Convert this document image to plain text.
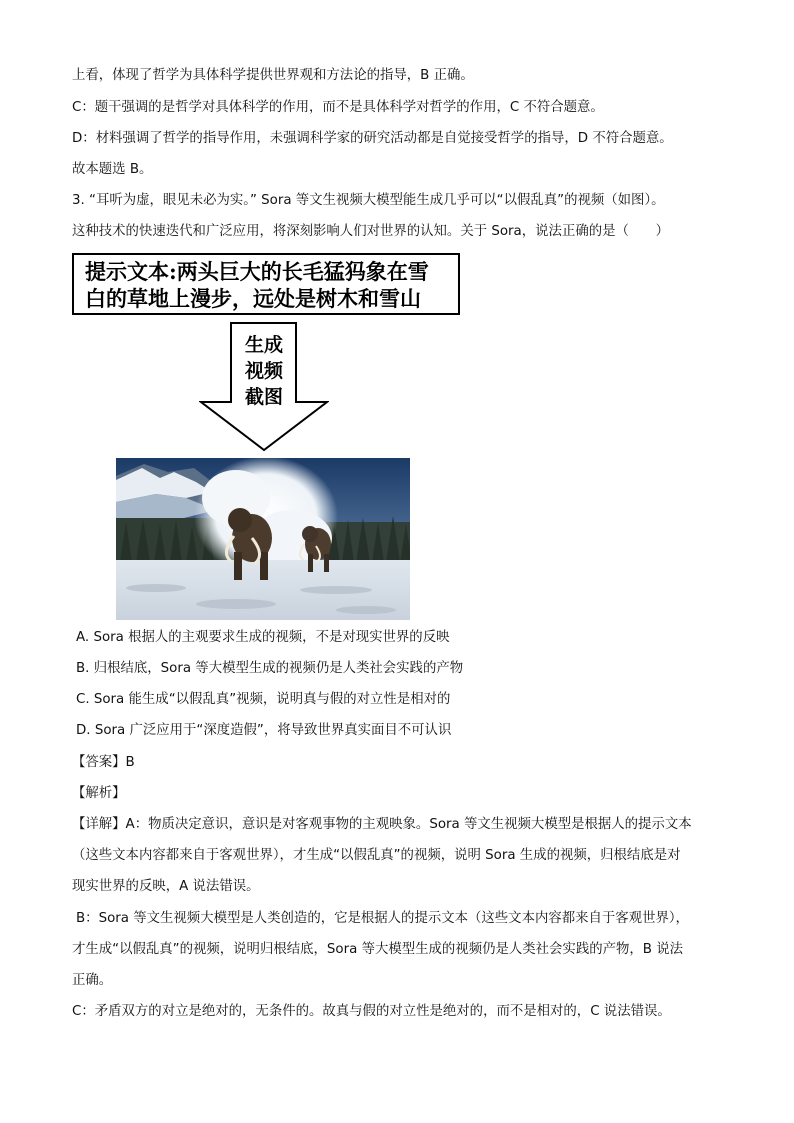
上看，体现了哲学为具体科学提供世界观和方法论的指导，B 正确。
C：题干强调的是哲学对具体科学的作用，而不是具体科学对哲学的作用，C 不符合题意。
D：材料强调了哲学的指导作用，未强调科学家的研究活动都是自觉接受哲学的指导，D 不符合题意。
故本题选 B。
3. “耳听为虚，眼见未必为实。” Sora 等文生视频大模型能生成几乎可以“以假乱真”的视频（如图）。
这种技术的快速迭代和广泛应用，将深刻影响人们对世界的认知。关于 Sora，说法正确的是（　　）
提示文本:两头巨大的长毛猛犸象在雪
白的草地上漫步，远处是树木和雪山
生成
视频
截图
A. Sora 根据人的主观要求生成的视频，不是对现实世界的反映
B. 归根结底，Sora 等大模型生成的视频仍是人类社会实践的产物
C. Sora 能生成“以假乱真”视频，说明真与假的对立性是相对的
D. Sora 广泛应用于“深度造假”，将导致世界真实面目不可认识
【答案】B
【解析】
【详解】A：物质决定意识，意识是对客观事物的主观映象。Sora 等文生视频大模型是根据人的提示文本
（这些文本内容都来自于客观世界），才生成“以假乱真”的视频，说明 Sora 生成的视频，归根结底是对
现实世界的反映，A 说法错误。
B：Sora 等文生视频大模型是人类创造的，它是根据人的提示文本（这些文本内容都来自于客观世界），
才生成“以假乱真”的视频，说明归根结底，Sora 等大模型生成的视频仍是人类社会实践的产物，B 说法
正确。
C：矛盾双方的对立是绝对的，无条件的。故真与假的对立性是绝对的，而不是相对的，C 说法错误。
